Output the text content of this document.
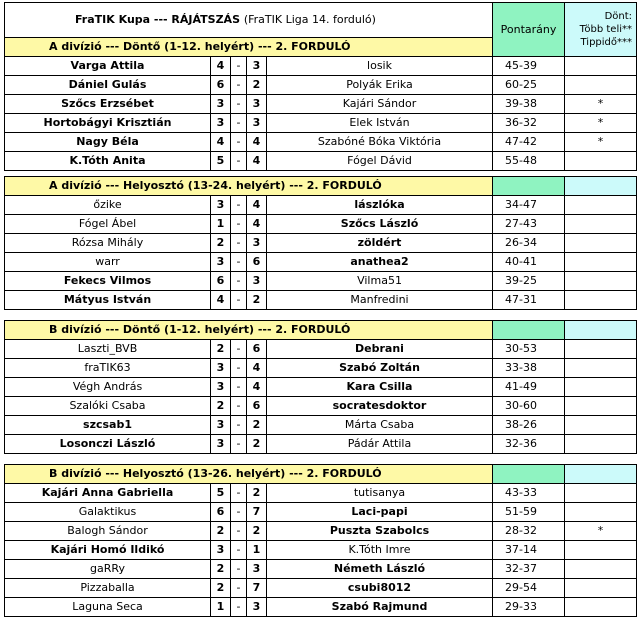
FraTIK Kupa --- RÁJÁTSZÁS (FraTIK Liga 14. forduló)					Pontarány	Dönt:
Több teli**
Tippidő***

A divízió --- Döntő (1-12. helyért) --- 2. FORDULÓ						
Varga Attila	4	-	3	losik	45-39	
Dániel Gulás	6	-	2	Polyák Erika	60-25	
Szőcs Erzsébet	3	-	3	Kajári Sándor	39-38	*
Hortobágyi Krisztián	3	-	3	Elek István	36-32	*
Nagy Béla	4	-	4	Szabóné Bóka Viktória	47-42	*
K.Tóth Anita	5	-	4	Fógel Dávid	55-48	
A divízió --- Helyosztó (13-24. helyért) --- 2. FORDULÓ						
őzike	3	-	4	lászlóka	34-47	
Fógel Ábel	1	-	4	Szőcs László	27-43	
Rózsa Mihály	2	-	3	zöldért	26-34	
warr	3	-	6	anathea2	40-41	
Fekecs Vilmos	6	-	3	Vilma51	39-25	
Mátyus István	4	-	2	Manfredini	47-31	
B divízió --- Döntő (1-12. helyért) --- 2. FORDULÓ						
Laszti_BVB	2	-	6	Debrani	30-53	
fraTIK63	3	-	4	Szabó Zoltán	33-38	
Végh András	3	-	4	Kara Csilla	41-49	
Szalóki Csaba	2	-	6	socratesdoktor	30-60	
szcsab1	3	-	2	Márta Csaba	38-26	
Losonczi László	3	-	2	Pádár Attila	32-36	
B divízió --- Helyosztó (13-26. helyért) --- 2. FORDULÓ						
Kajári Anna Gabriella	5	-	2	tutisanya	43-33	
Galaktikus	6	-	7	Laci-papi	51-59	
Balogh Sándor	2	-	2	Puszta Szabolcs	28-32	*
Kajári Homó Ildikó	3	-	1	K.Tóth Imre	37-14	
gaRRy	2	-	3	Németh László	32-37	
Pizzaballa	2	-	7	csubi8012	29-54	
Laguna Seca	1	-	3	Szabó Rajmund	29-33	
